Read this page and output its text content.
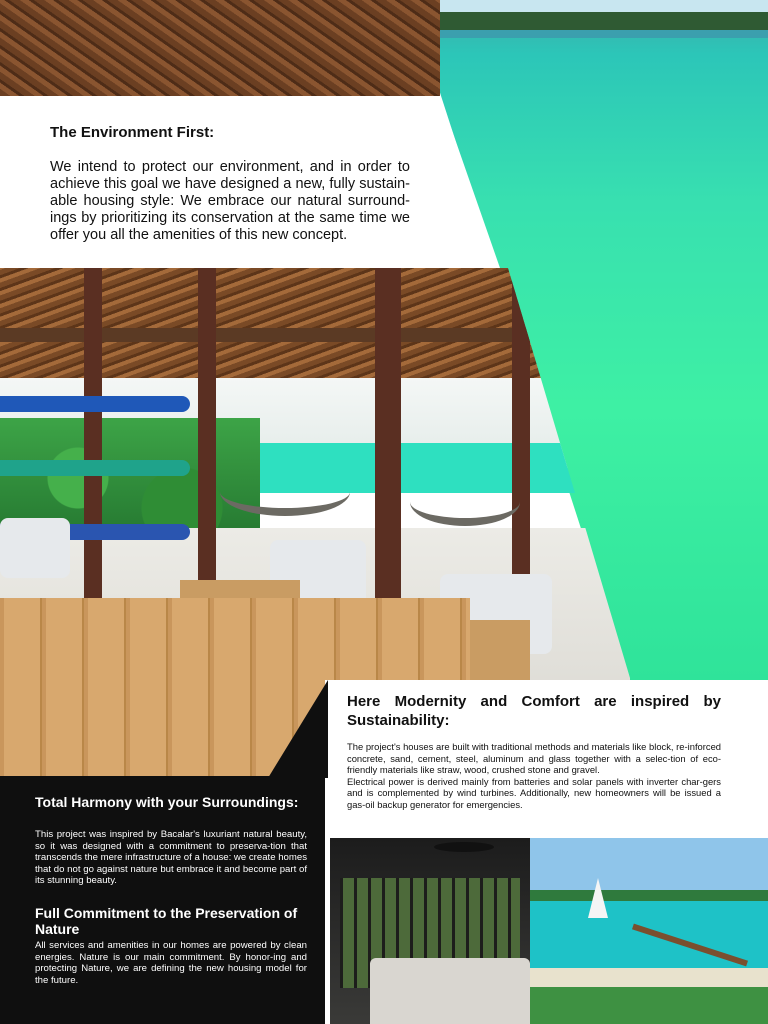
The Environment First:
We intend to protect our environment, and in order to achieve this goal we have designed a new, fully sustain-able housing style: We embrace our natural surround-ings by prioritizing its conservation at the same time we offer you all the amenities of this new concept.
Here Modernity and Comfort are inspired by Sustainability:
The project's houses are built with traditional methods and materials like block, re-inforced concrete, sand, cement, steel, aluminum and glass together with a selec-tion of eco-friendly materials like straw, wood, crushed stone and gravel.
Electrical power is derived mainly from batteries and solar panels with inverter char-gers and is complemented by wind turbines. Additionally, new homeowners will be issued a gas-oil backup generator for emergencies.
Total Harmony with your Surroundings:
This project was inspired by Bacalar's luxuriant natural beauty, so it was designed with a commitment to preserva-tion that transcends the mere infrastructure of a house: we create homes that do not go against nature but embrace it and become part of its stunning beauty.
Full Commitment to the Preservation of Nature
All services and amenities in our homes are powered by clean energies. Nature is our main commitment. By honor-ing and protecting Nature, we are defining the new housing model for the future.
